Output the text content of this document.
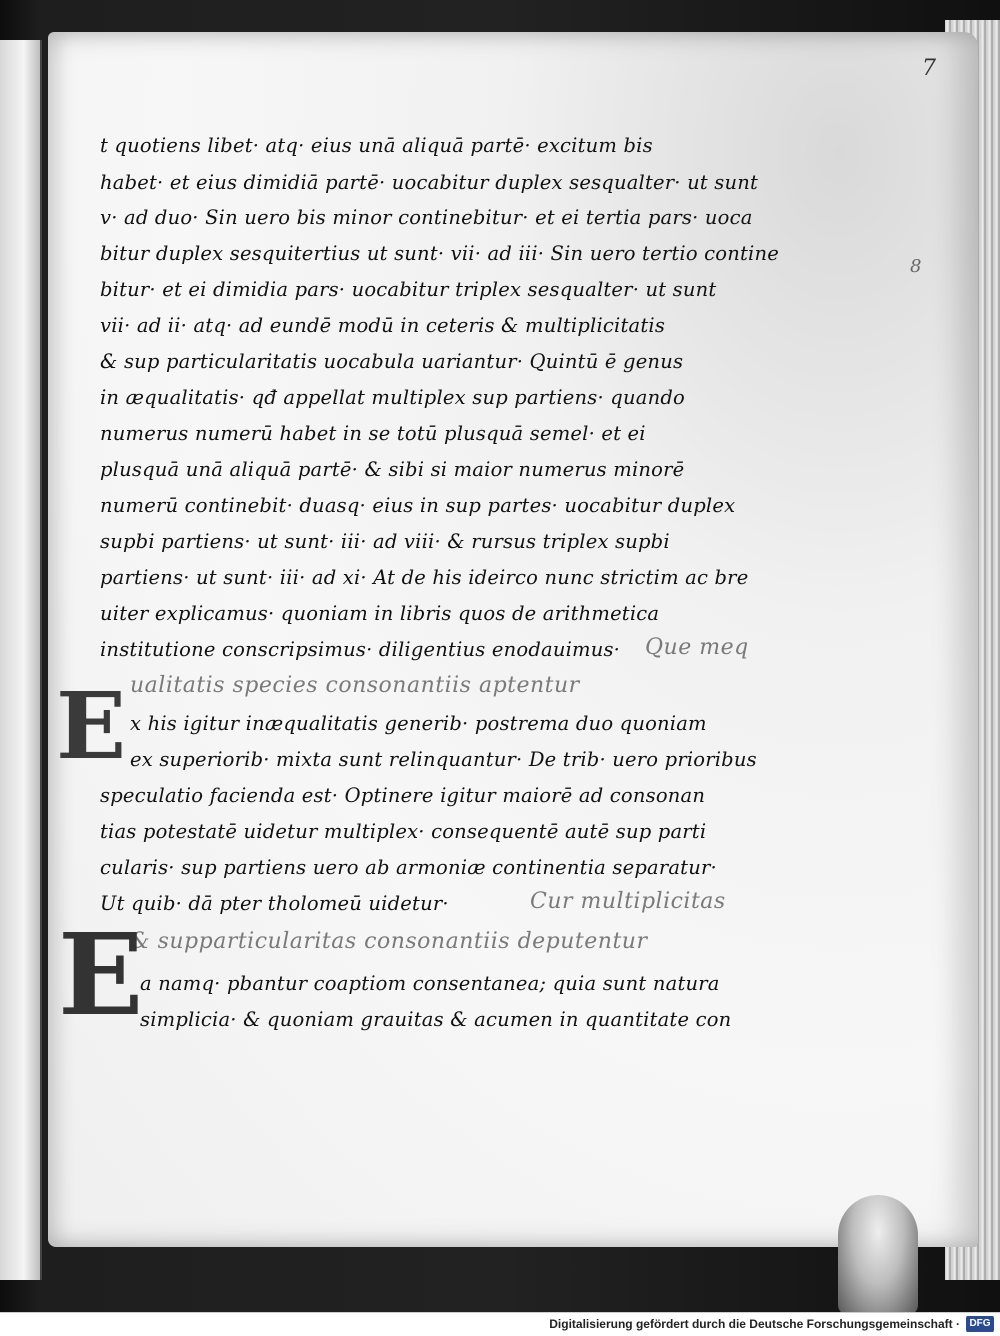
7
8
t quotiens libet· atq· eius unā aliquā partē· excitum bis
habet· et eius dimidiā partē· uocabitur duplex sesqualter· ut sunt
v· ad duo· Sin uero bis minor continebitur· et ei tertia pars· uoca
bitur duplex sesquitertius ut sunt· vii· ad iii· Sin uero tertio contine
bitur· et ei dimidia pars· uocabitur triplex sesqualter· ut sunt
vii· ad ii· atq· ad eundē modū in ceteris & multiplicitatis
& sup particularitatis uocabula uariantur· Quintū ē genus
in æqualitatis· qđ appellat multiplex sup partiens· quando
numerus numerū habet in se totū plusquā semel· et ei
plusquā unā aliquā partē· & sibi si maior numerus minorē
numerū continebit· duasq· eius in sup partes· uocabitur duplex
supbi partiens· ut sunt· iii· ad viii· & rursus triplex supbi
partiens· ut sunt· iii· ad xi· At de his ideirco nunc strictim ac bre
uiter explicamus· quoniam in libris quos de arithmetica
institutione conscripsimus· diligentius enodauimus· Que meq
ualitatis species consonantiis aptentur
x his igitur inæqualitatis generib· postrema duo quoniam
ex superiorib· mixta sunt relinquantur· De trib· uero prioribus
speculatio facienda est· Optinere igitur maiorē ad consonan
tias potestatē uidetur multiplex· consequentē autē sup parti
cularis· sup partiens uero ab armoniæ continentia separatur·
Ut quib· dā pter tholomeū uidetur·	Cur multiplicitas
& supparticularitas consonantiis deputentur
a namq· pbantur coaptiom consentanea; quia sunt natura
simplicia· & quoniam grauitas & acumen in quantitate con
E
E
Digitalisierung gefördert durch die Deutsche Forschungsgemeinschaft · DFG
